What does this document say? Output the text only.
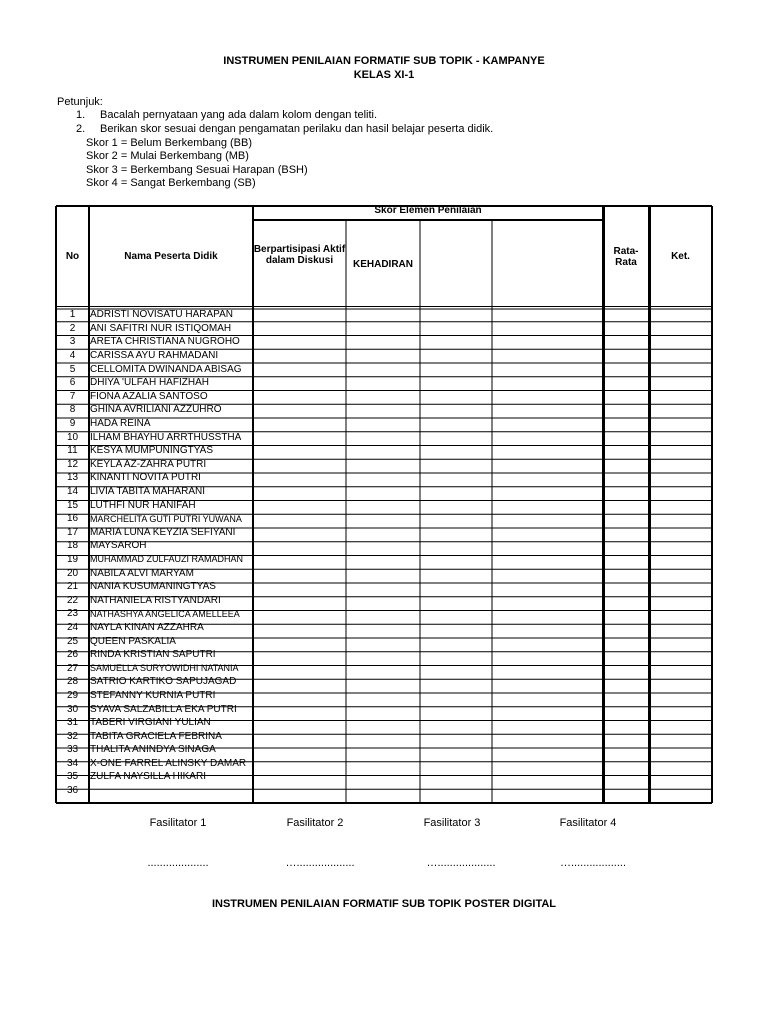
INSTRUMEN PENILAIAN FORMATIF SUB TOPIK - KAMPANYE
KELAS XI-1
Petunjuk:
1. Bacalah pernyataan yang ada dalam kolom dengan teliti.
2. Berikan skor sesuai dengan pengamatan perilaku dan hasil belajar peserta didik.
Skor 1 = Belum Berkembang (BB)
Skor 2 = Mulai Berkembang (MB)
Skor 3 = Berkembang Sesuai Harapan (BSH)
Skor 4 = Sangat Berkembang (SB)
No	Nama Peserta Didik	Skor Elemen Penilaian				Rata-Rata	Ket.
		Berpartisipasi Aktif dalam Diskusi	KEHADIRAN				
1	ADRISTI NOVISATU HARAPAN						
2	ANI SAFITRI NUR ISTIQOMAH						
3	ARETA CHRISTIANA NUGROHO						
4	CARISSA AYU RAHMADANI						
5	CELLOMITA DWINANDA ABISAG						
6	DHIYA 'ULFAH HAFIZHAH						
7	FIONA AZALIA SANTOSO						
8	GHINA AVRILIANI AZZUHRO						
9	HADA REINA						
10	ILHAM BHAYHU ARRTHUSSTHA						
11	KESYA MUMPUNINGTYAS						
12	KEYLA AZ-ZAHRA PUTRI						
13	KINANTI NOVITA PUTRI						
14	LIVIA TABITA MAHARANI						
15	LUTHFI NUR HANIFAH						
16	MARCHELITA GUTI PUTRI YUWANA						
17	MARIA LUNA KEYZIA SEFIYANI						
18	MAYSAROH						
19	MUHAMMAD ZULFAUZI RAMADHAN						
20	NABILA ALVI MARYAM						
21	NANIA KUSUMANINGTYAS						
22	NATHANIELA RISTYANDARI						
23	NATHASHYA ANGELICA AMELLEEA						
24	NAYLA KINAN AZZAHRA						
25	QUEEN PASKALIA						
26	RINDA KRISTIAN SAPUTRI						
27	SAMUELLA SURYOWIDHI NATANIA						
28	SATRIO KARTIKO SAPUJAGAD						
29	STEFANNY KURNIA PUTRI						
30	SYAVA SALZABILLA EKA PUTRI						
31	TABERI VIRGIANI YULIAN						
32	TABITA GRACIELA FEBRINA						
33	THALITA ANINDYA SINAGA						
34	X-ONE FARREL ALINSKY DAMAR						
35	ZULFA NAYSILLA HIKARI						
36							
Fasilitator 1	Fasilitator 2	Fasilitator 3	Fasilitator 4
....................	…...................	…...................	…..................
INSTRUMEN PENILAIAN FORMATIF SUB TOPIK POSTER DIGITAL
